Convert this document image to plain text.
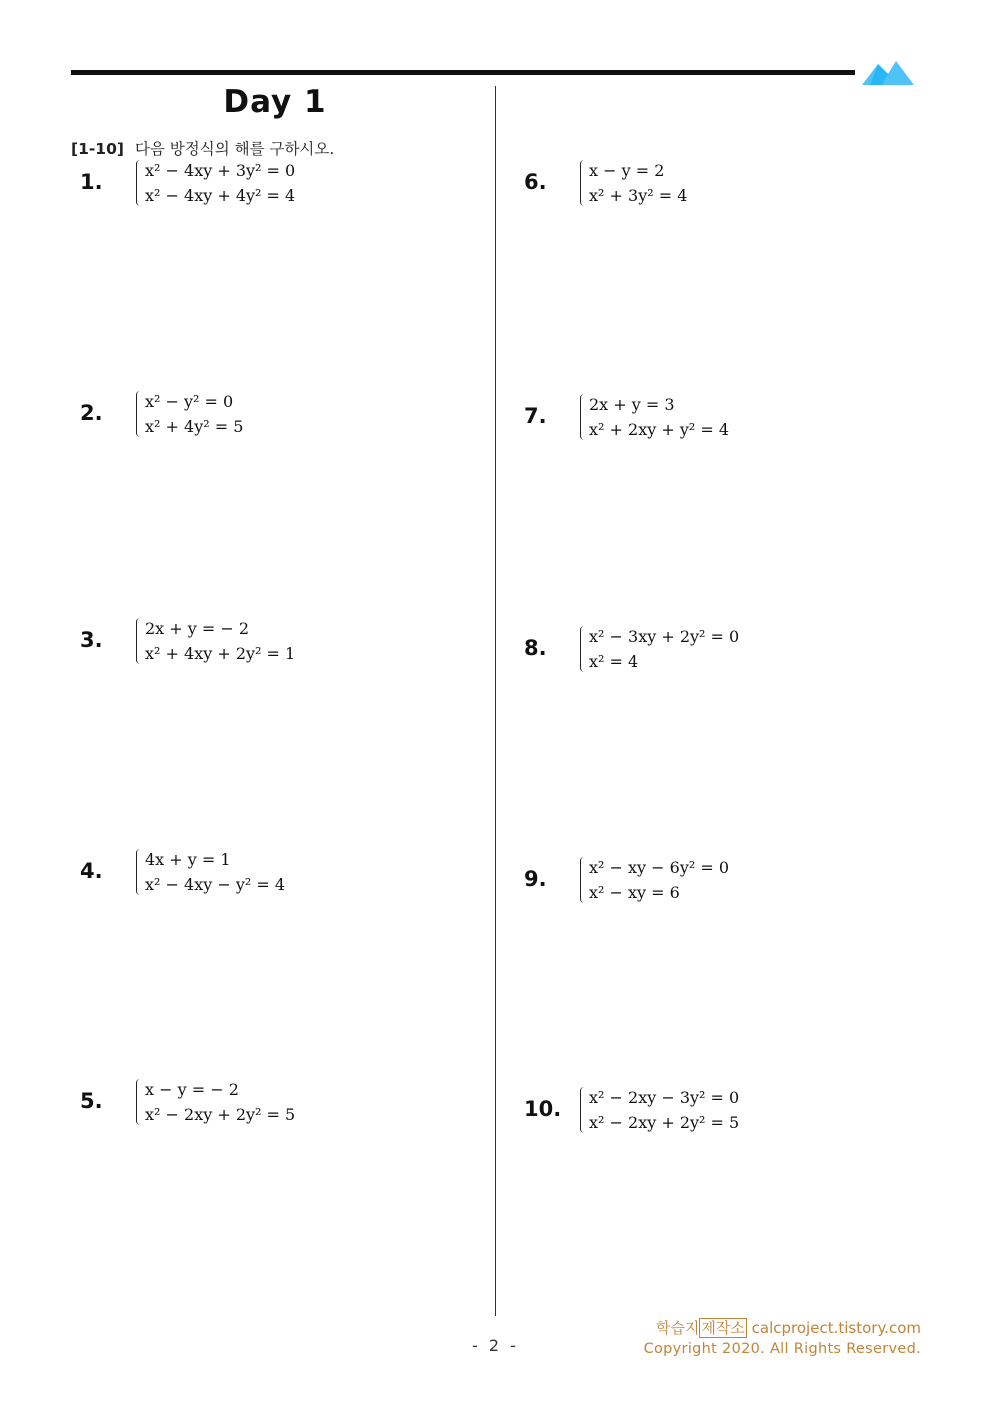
Day 1
[1-10] 다음 방정식의 해를 구하시오.
1.	x² − 4xy + 3y² = 0
x² − 4xy + 4y² = 4
2.	x² − y² = 0
x² + 4y² = 5
3.	2x + y = − 2
x² + 4xy + 2y² = 1
4.	4x + y = 1
x² − 4xy − y² = 4
5.	x − y = − 2
x² − 2xy + 2y² = 5
6.	x − y = 2
x² + 3y² = 4
7.	2x + y = 3
x² + 2xy + y² = 4
8.	x² − 3xy + 2y² = 0
x² = 4
9.	x² − xy − 6y² = 0
x² − xy = 6
10. x² − 2xy − 3y² = 0
x² − 2xy + 2y² = 5
학습지 제작소 calcproject.tistory.com
Copyright 2020. All Rights Reserved.
- 2 -
